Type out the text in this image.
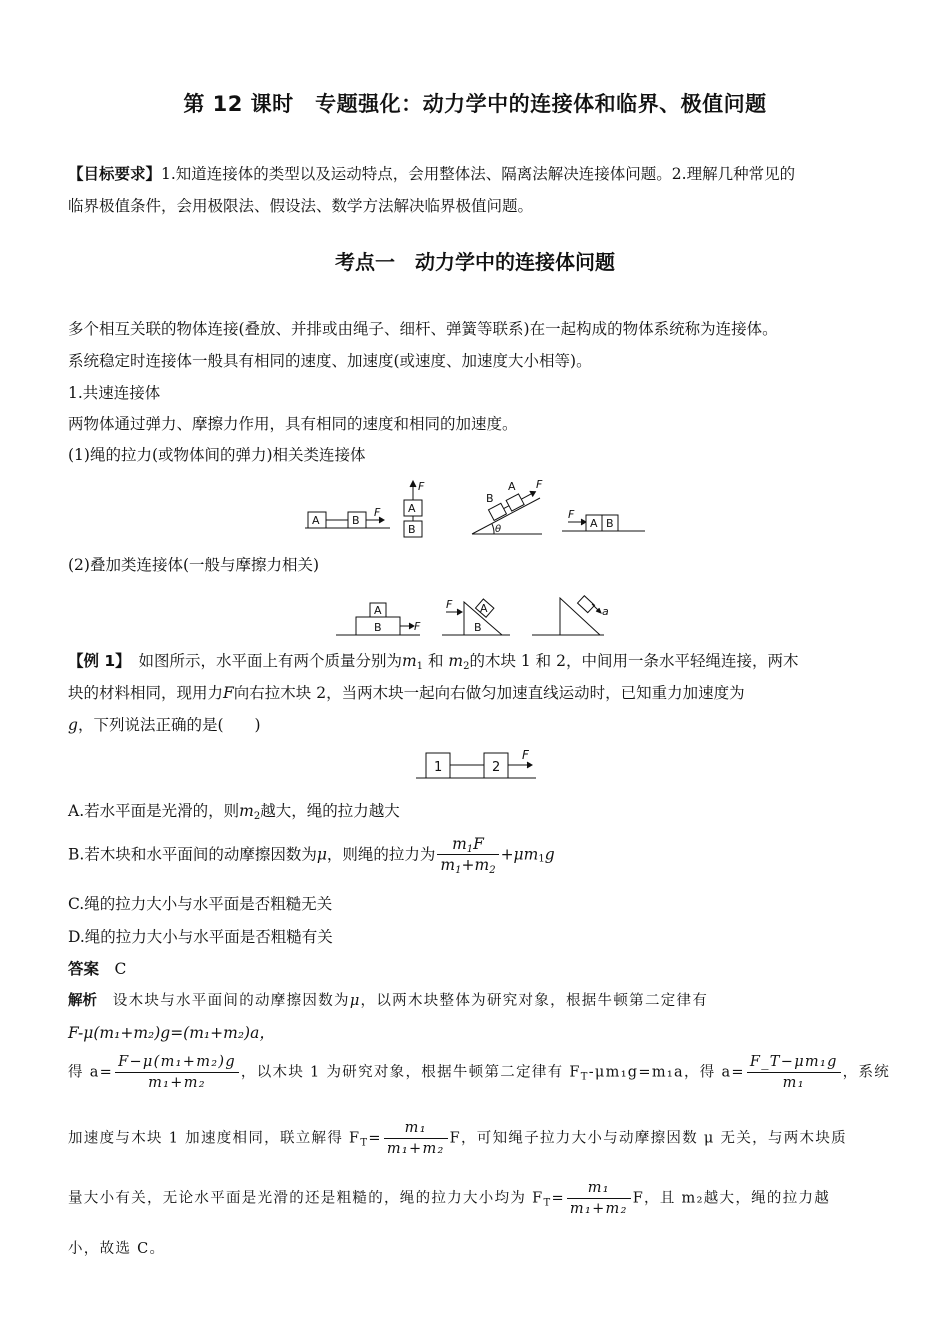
第 12 课时　专题强化：动力学中的连接体和临界、极值问题
【目标要求】1.知道连接体的类型以及运动特点，会用整体法、隔离法解决连接体问题。2.理解几种常见的
临界极值条件，会用极限法、假设法、数学方法解决临界极值问题。
考点一　动力学中的连接体问题
多个相互关联的物体连接(叠放、并排或由绳子、细杆、弹簧等联系)在一起构成的物体系统称为连接体。
系统稳定时连接体一般具有相同的速度、加速度(或速度、加速度大小相等)。
1.共速连接体
两物体通过弹力、摩擦力作用，具有相同的速度和相同的加速度。
(1)绳的拉力(或物体间的弹力)相关类连接体
A	B
F	A
B
F
B
A F
θ
F
A B
(2)叠加类连接体(一般与摩擦力相关)
A
B	F
F	A
B
a
【例 1】　如图所示，水平面上有两个质量分别为$m_1$ 和 $m_2$的木块 1 和 2，中间用一条水平轻绳连接，两木
块的材料相同，现用力F向右拉木块 2，当两木块一起向右做匀加速直线运动时，已知重力加速度为
g，下列说法正确的是(　　)
1	2
F
A.若水平面是光滑的，则$m_2$越大，绳的拉力越大
B.若木块和水平面间的动摩擦因数为μ，则绳的拉力为 $\frac{m_1F}{m_1+m_2} +\mu m_1g$
C.绳的拉力大小与水平面是否粗糙无关
D.绳的拉力大小与水平面是否粗糙有关
答案　 C
解析　 设木块与水平面间的动摩擦因数为μ，以两木块整体为研究对象，根据牛顿第二定律有
F-μ(m₁+m₂)g=(m₁+m₂)a，
得 $a= \frac{\text{F−μ(m₁+m₂)g}}{\text{m₁+m₂}}$ ，以木块 1 为研究对象，根据牛顿第二定律有 $F_T-\mu m_1g=m_1a$，得 $a= \frac{\text{F\_T−μm₁g}}{\text{m₁}}$ ，系统
加速度与木块 1 加速度相同，联立解得 $F_T= \frac{\text{m₁}}{\text{m₁+m₂}}$ F，可知绳子拉力大小与动摩擦因数 μ 无关，与两木块质
量大小有关，无论水平面是光滑的还是粗糙的，绳的拉力大小均为 $F_T= \frac{\text{m₁}}{\text{m₁+m₂}}$ F，且 m₂越大，绳的拉力越
小，故选 C。
